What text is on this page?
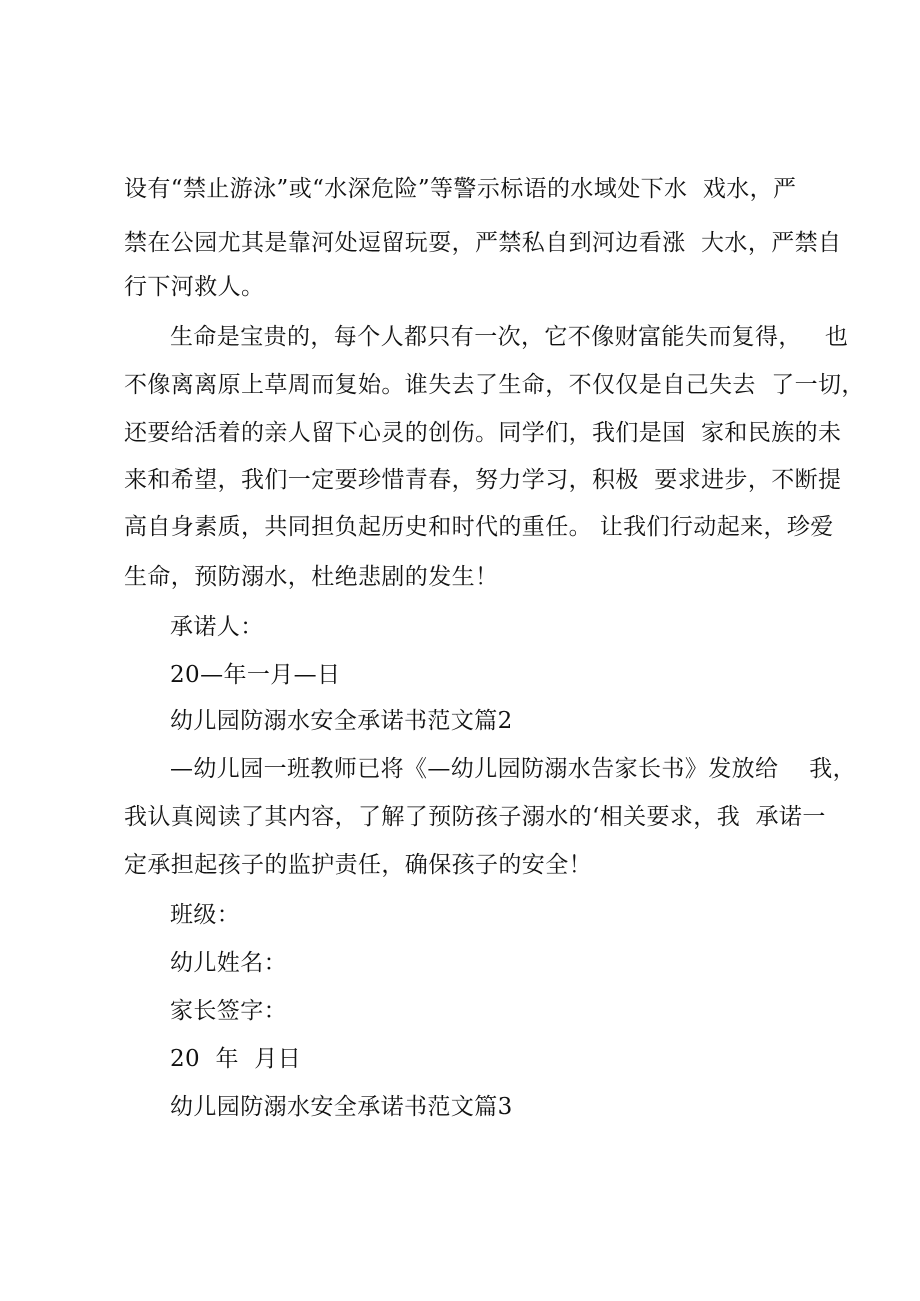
设有“禁止游泳”或“水深危险”等警示标语的水域处下水  戏水，严
禁在公园尤其是靠河处逗留玩耍，严禁私自到河边看涨  大水，严禁自
行下河救人。
生命是宝贵的，每个人都只有一次，它不像财富能失而复得，   也
不像离离原上草周而复始。谁失去了生命，不仅仅是自己失去  了一切，
还要给活着的亲人留下心灵的创伤。同学们，我们是国  家和民族的未
来和希望，我们一定要珍惜青春，努力学习，积极  要求进步，不断提
高自身素质，共同担负起历史和时代的重任。 让我们行动起来，珍爱
生命，预防溺水，杜绝悲剧的发生！
承诺人：
20—年一月—日
幼儿园防溺水安全承诺书范文篇2
—幼儿园一班教师已将《—幼儿园防溺水告家长书》发放给    我，
我认真阅读了其内容，了解了预防孩子溺水的‘相关要求，我  承诺一
定承担起孩子的监护责任，确保孩子的安全！
班级：
幼儿姓名：
家长签字：
20  年  月日
幼儿园防溺水安全承诺书范文篇3
